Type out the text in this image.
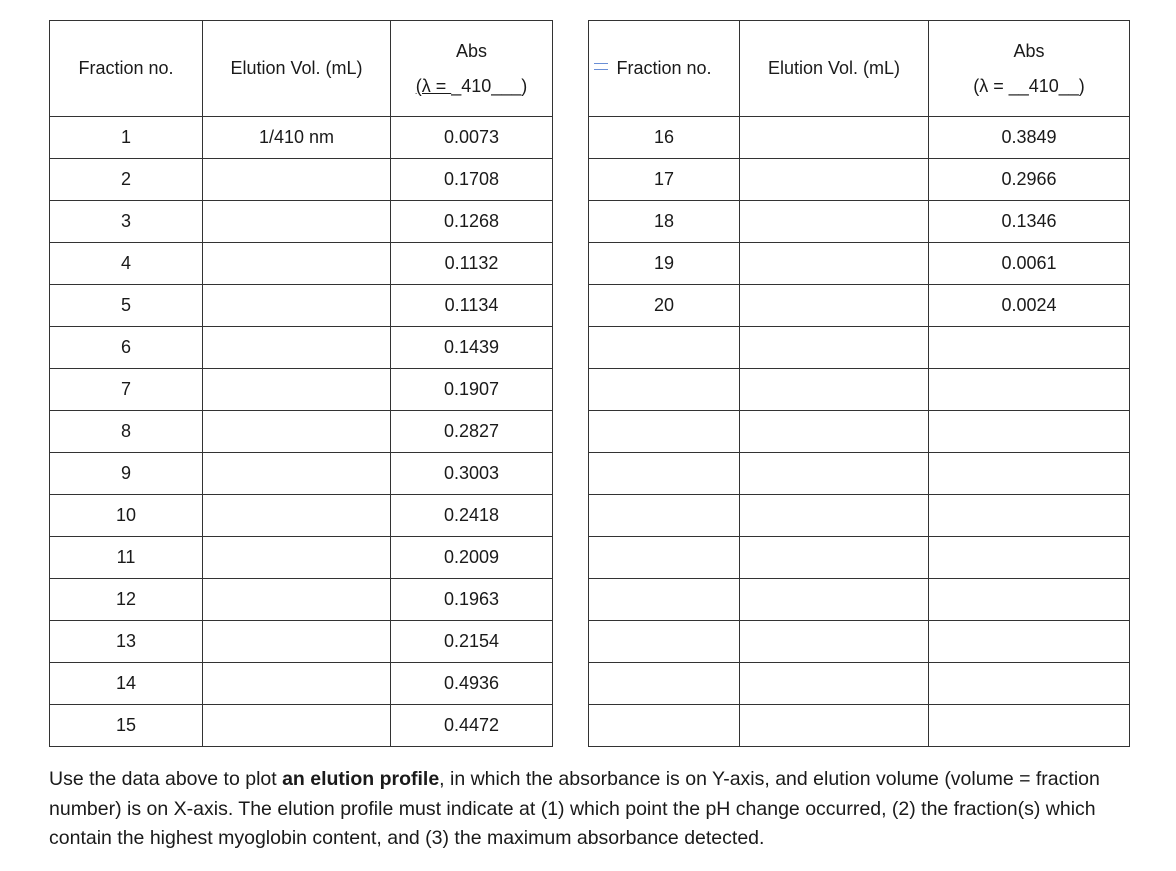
Fraction no.	Elution Vol. (mL)	Abs
(λ = _410___)

1	1/410 nm	0.0073
2		0.1708
3		0.1268
4		0.1132
5		0.1134
6		0.1439
7		0.1907
8		0.2827
9		0.3003
10		0.2418
11		0.2009
12		0.1963
13		0.2154
14		0.4936
15		0.4472
Fraction no.	Elution Vol. (mL)	Abs
(λ = __410__)

16		0.3849
17		0.2966
18		0.1346
19		0.0061
20		0.0024

Use the data above to plot an elution profile, in which the absorbance is on Y-axis, and elution volume (volume = fraction number) is on X-axis. The elution profile must indicate at (1) which point the pH change occurred, (2) the fraction(s) which contain the highest myoglobin content, and (3) the maximum absorbance detected.
